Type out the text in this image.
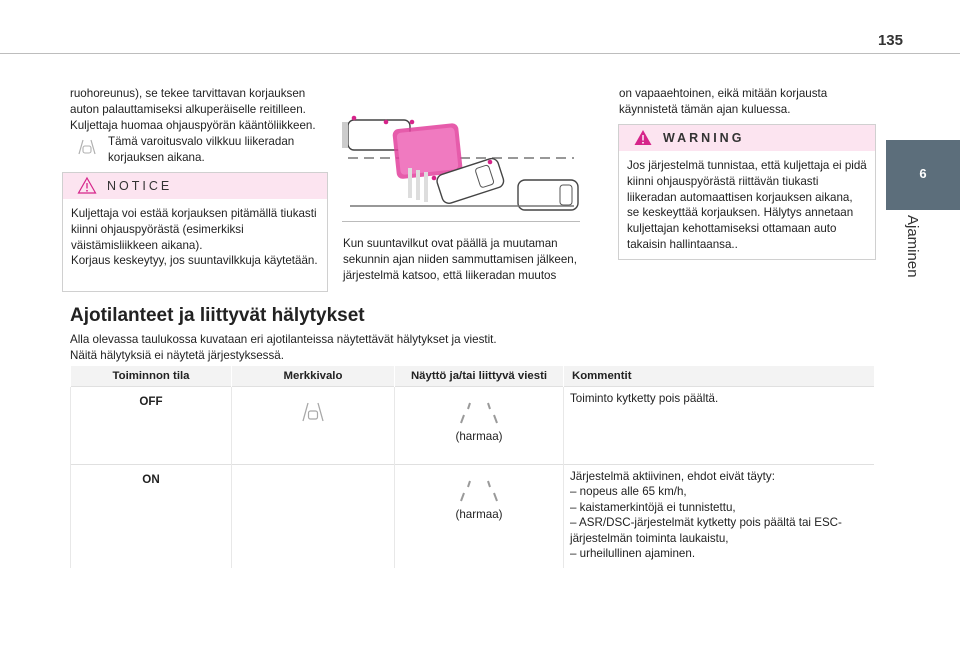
135
6
Ajaminen

ruohoreunus), se tekee tarvittavan korjauksen auton palauttamiseksi alkuperäiselle reitilleen. Kuljettaja huomaa ohjauspyörän kääntöliikkeen.

Tämä varoitusvalo vilkkuu liikeradan korjauksen aikana.

NOTICE

Kuljettaja voi estää korjauksen pitämällä tiukasti kiinni ohjauspyörästä (esimerkiksi väistämisliikkeen aikana).

Korjaus keskeytyy, jos suuntavilkkuja käytetään.

Kun suuntavilkut ovat päällä ja muutaman sekunnin ajan niiden sammuttamisen jälkeen, järjestelmä katsoo, että liikeradan muutos

on vapaaehtoinen, eikä mitään korjausta käynnistetä tämän ajan kuluessa.

WARNING

Jos järjestelmä tunnistaa, että kuljettaja ei pidä kiinni ohjauspyörästä riittävän tiukasti liikeradan automaattisen korjauksen aikana, se keskeyttää korjauksen. Hälytys annetaan kuljettajan kehottamiseksi ottamaan auto takaisin hallintaansa..

Ajotilanteet ja liittyvät hälytykset

Alla olevassa taulukossa kuvataan eri ajotilanteissa näytettävät hälytykset ja viestit.

Näitä hälytyksiä ei näytetä järjestyksessä.

Toiminnon tila	Merkkivalo	Näyttö ja/tai liittyvä viesti	Kommentit
OFF		(harmaa)	Toiminto kytketty pois päältä.
ON		(harmaa)	Järjestelmä aktiivinen, ehdot eivät täyty:
– nopeus alle 65 km/h,
– kaistamerkintöjä ei tunnistettu,
– ASR/DSC-järjestelmät kytketty pois päältä tai ESC-järjestelmän toiminta laukaistu,
– urheilullinen ajaminen.
